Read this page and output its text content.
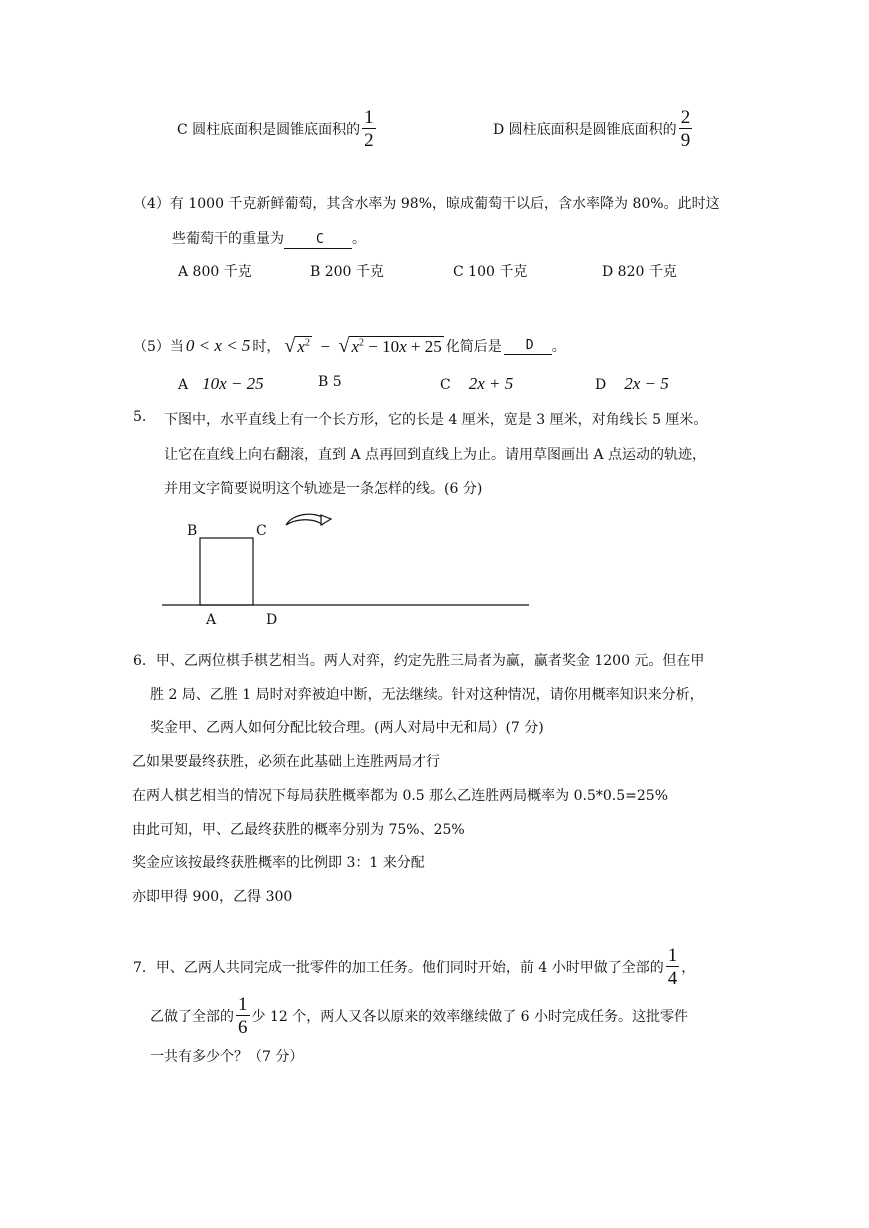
C 圆柱底面积是圆锥底面积的 $\frac{1}{2}$	D 圆柱底面积是圆锥底面积的 $\frac{2}{9}$
（4）有 1000 千克新鲜葡萄，其含水率为 98%，晾成葡萄干以后，含水率降为 80%。此时这
些葡萄干的重量为 C 。
A 800 千克	B 200 千克	C 100 千克	D 820 千克
（5）当 0 < x < 5 时， √ $x^2$ − √ $x^2 - 10x + 25$ 化简后是	D	。
A 10x − 25	B 5	C 2x + 5	D 2x − 5
5. 下图中，水平直线上有一个长方形，它的长是 4 厘米，宽是 3 厘米，对角线长 5 厘米。
让它在直线上向右翻滚，直到 A 点再回到直线上为止。请用草图画出 A 点运动的轨迹，
并用文字简要说明这个轨迹是一条怎样的线。(6 分)
B	C
A	D
6．甲、乙两位棋手棋艺相当。两人对弈，约定先胜三局者为赢，赢者奖金 1200 元。但在甲
胜 2 局、乙胜 1 局时对弈被迫中断，无法继续。针对这种情况，请你用概率知识来分析，
奖金甲、乙两人如何分配比较合理。(两人对局中无和局）(7 分)
乙如果要最终获胜，必须在此基础上连胜两局才行
在两人棋艺相当的情况下每局获胜概率都为 0.5 那么乙连胜两局概率为 0.5*0.5=25%
由此可知，甲、乙最终获胜的概率分别为 75%、25%
奖金应该按最终获胜概率的比例即 3：1 来分配
亦即甲得 900，乙得 300
7．甲、乙两人共同完成一批零件的加工任务。他们同时开始，前 4 小时甲做了全部的 $\frac{1}{4}$ ，
乙做了全部的 $\frac{1}{6}$ 少 12 个，两人又各以原来的效率继续做了 6 小时完成任务。这批零件
一共有多少个？（7 分）
